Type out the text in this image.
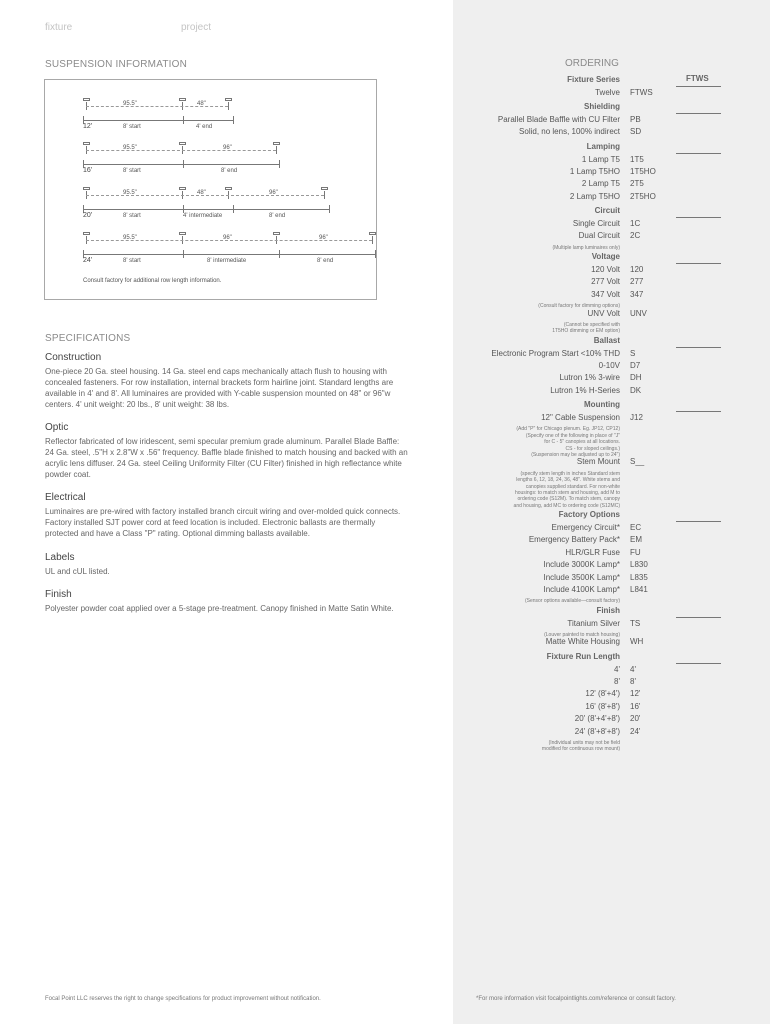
fixture	project
SUSPENSION INFORMATION
95.5"	48"
12'	8' start	4' end
95.5"	96"
16'	8' start	8' end
95.5"	48"	96"
20'	8' start	4' intermediate	8' end
95.5"	96"	96"
24'	8' start	8' intermediate	8' end
Consult factory for additional row length information.
SPECIFICATIONS
Construction

One-piece 20 Ga. steel housing. 14 Ga. steel end caps mechanically attach flush to housing with concealed fasteners. For row installation, internal brackets form hairline joint. Standard lengths are available in 4' and 8'. All luminaires are provided with Y-cable suspension mounted on 48" or 96"w centers. 4' unit weight: 20 lbs., 8' unit weight: 38 lbs.

Optic

Reflector fabricated of low iridescent, semi specular premium grade aluminum. Parallel Blade Baffle: 24 Ga. steel, .5"H x 2.8"W x .56" frequency. Baffle blade finished to match housing and backed with an acrylic lens diffuser. 24 Ga. steel Ceiling Uniformity Filter (CU Filter) finished in high reflectance white powder coat.

Electrical

Luminaires are pre-wired with factory installed branch circuit wiring and over-molded quick connects. Factory installed SJT power cord at feed location is included. Electronic ballasts are thermally protected and have a Class "P" rating. Optional dimming ballasts available.

Labels

UL and cUL listed.

Finish

Polyester powder coat applied over a 5-stage pre-treatment. Canopy finished in Matte Satin White.

ORDERING
FTWS
Fixture Series
Twelve FTWS
Shielding
Parallel Blade Baffle with CU Filter PB
Solid, no lens, 100% indirect SD
Lamping
1 Lamp T5 1T5
1 Lamp T5HO 1T5HO
2 Lamp T5 2T5
2 Lamp T5HO 2T5HO
Circuit
Single Circuit 1C
Dual Circuit 2C
(Multiple lamp luminaires only)
Voltage
120 Volt 120
277 Volt 277
347 Volt 347
(Consult factory for dimming options)
UNV Volt UNV
(Cannot be specified with
1T5HO dimming or EM option)
Ballast
Electronic Program Start <10% THD S
0-10V D7
Lutron 1% 3-wire DH
Lutron 1% H-Series DK
Mounting
12" Cable Suspension J12
(Add "P" for Chicago plenum. Eg. JP12, CP12)
(Specify one of the following in place of "J"
for C - 5" canopies at all locations.
CS - for sloped ceilings.)
(Suspension may be adjusted up to 24")
Stem Mount S__
(specify stem length in inches Standard stem
lengths 6, 12, 18, 24, 36, 48". White stems and
canopies supplied standard. For non-white
housings: to match stem and housing, add M to
ordering code (S12M). To match stem, canopy
and housing, add MC to ordering code (S12MC)
Factory Options
Emergency Circuit* EC
Emergency Battery Pack* EM
HLR/GLR Fuse FU
Include 3000K Lamp* L830
Include 3500K Lamp* L835
Include 4100K Lamp* L841
(Sensor options available—consult factory)
Finish
Titanium Silver TS
(Louver painted to match housing)
Matte White Housing WH
Fixture Run Length
4' 4'
8' 8'
12' (8'+4') 12'
16' (8'+8') 16'
20' (8'+4'+8') 20'
24' (8'+8'+8') 24'
(Individual units may not be field
modified for continuous row mount)
Focal Point LLC reserves the right to change specifications for product improvement without notification.	*For more information visit focalpointlights.com/reference or consult factory.
